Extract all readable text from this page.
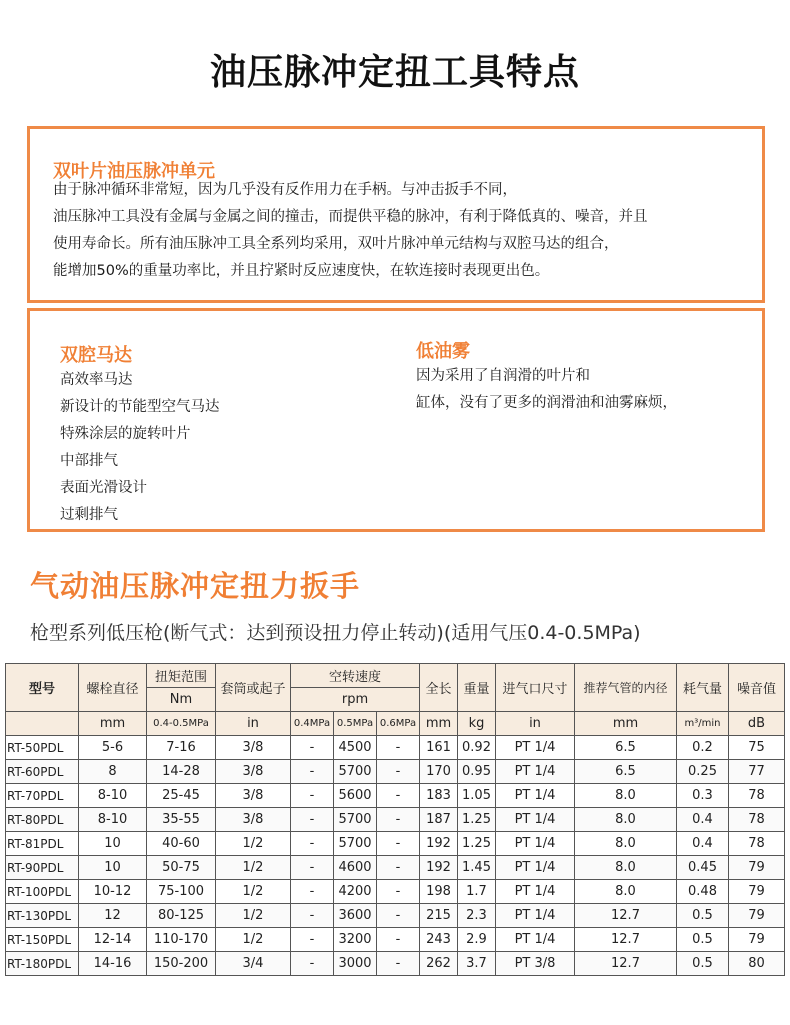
油压脉冲定扭工具特点
双叶片油压脉冲单元
由于脉冲循环非常短，因为几乎没有反作用力在手柄。与冲击扳手不同，
油压脉冲工具没有金属与金属之间的撞击，而提供平稳的脉冲，有利于降低真的、噪音，并且
使用寿命长。所有油压脉冲工具全系列均采用，双叶片脉冲单元结构与双腔马达的组合，
能增加50%的重量功率比，并且拧紧时反应速度快，在软连接时表现更出色。
双腔马达
高效率马达
新设计的节能型空气马达
特殊涂层的旋转叶片
中部排气
表面光滑设计
过剩排气
低油雾
因为采用了自润滑的叶片和
缸体，没有了更多的润滑油和油雾麻烦，
气动油压脉冲定扭力扳手
枪型系列低压枪(断气式：达到预设扭力停止转动)(适用气压0.4-0.5MPa)
型号	螺栓直径	扭矩范围	套筒或起子	空转速度			全长	重量	进气口尺寸	推荐气管的内径	耗气量	噪音值
		Nm		rpm								
	mm	0.4-0.5MPa	in	0.4MPa	0.5MPa	0.6MPa	mm	kg	in	mm	m³/min	dB
RT-50PDL	5-6	7-16	3/8	-	4500	-	161	0.92	PT 1/4	6.5	0.2	75
RT-60PDL	8	14-28	3/8	-	5700	-	170	0.95	PT 1/4	6.5	0.25	77
RT-70PDL	8-10	25-45	3/8	-	5600	-	183	1.05	PT 1/4	8.0	0.3	78
RT-80PDL	8-10	35-55	3/8	-	5700	-	187	1.25	PT 1/4	8.0	0.4	78
RT-81PDL	10	40-60	1/2	-	5700	-	192	1.25	PT 1/4	8.0	0.4	78
RT-90PDL	10	50-75	1/2	-	4600	-	192	1.45	PT 1/4	8.0	0.45	79
RT-100PDL	10-12	75-100	1/2	-	4200	-	198	1.7	PT 1/4	8.0	0.48	79
RT-130PDL	12	80-125	1/2	-	3600	-	215	2.3	PT 1/4	12.7	0.5	79
RT-150PDL	12-14	110-170	1/2	-	3200	-	243	2.9	PT 1/4	12.7	0.5	79
RT-180PDL	14-16	150-200	3/4	-	3000	-	262	3.7	PT 3/8	12.7	0.5	80
